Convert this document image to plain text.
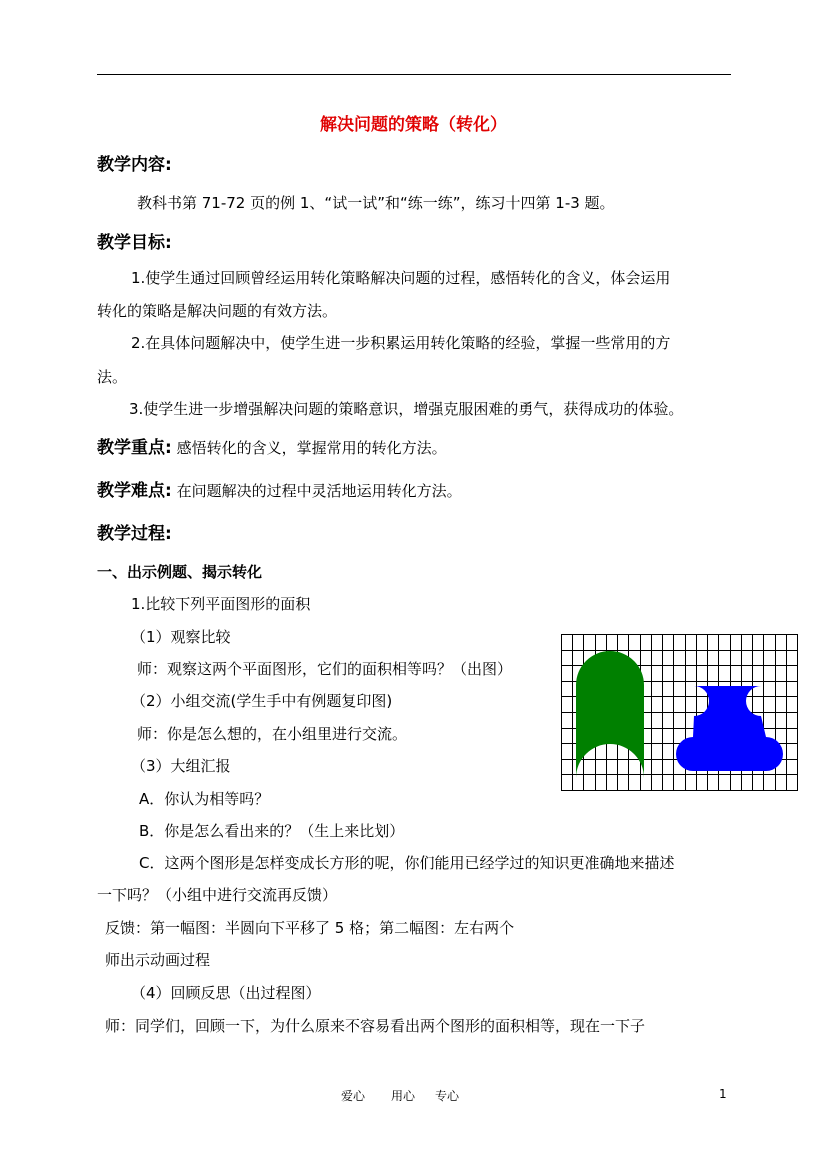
解决问题的策略（转化）
教学内容:
教科书第 71-72 页的例 1、“试一试”和“练一练”，练习十四第 1-3 题。
教学目标:
1.使学生通过回顾曾经运用转化策略解决问题的过程，感悟转化的含义，体会运用
转化的策略是解决问题的有效方法。
2.在具体问题解决中，使学生进一步积累运用转化策略的经验，掌握一些常用的方
法。
3.使学生进一步增强解决问题的策略意识，增强克服困难的勇气，获得成功的体验。
教学重点: 感悟转化的含义，掌握常用的转化方法。
教学难点: 在问题解决的过程中灵活地运用转化方法。
教学过程:
一、出示例题、揭示转化
1.比较下列平面图形的面积
（1）观察比较
师：观察这两个平面图形，它们的面积相等吗？（出图）
（2）小组交流(学生手中有例题复印图)
师：你是怎么想的，在小组里进行交流。
（3）大组汇报
A．你认为相等吗？
B．你是怎么看出来的？（生上来比划）
C．这两个图形是怎样变成长方形的呢，你们能用已经学过的知识更准确地来描述
一下吗？（小组中进行交流再反馈）
反馈：第一幅图：半圆向下平移了 5 格；第二幅图：左右两个
师出示动画过程
（4）回顾反思（出过程图）
师：同学们，回顾一下，为什么原来不容易看出两个图形的面积相等，现在一下子
爱心 用心 专心	1
